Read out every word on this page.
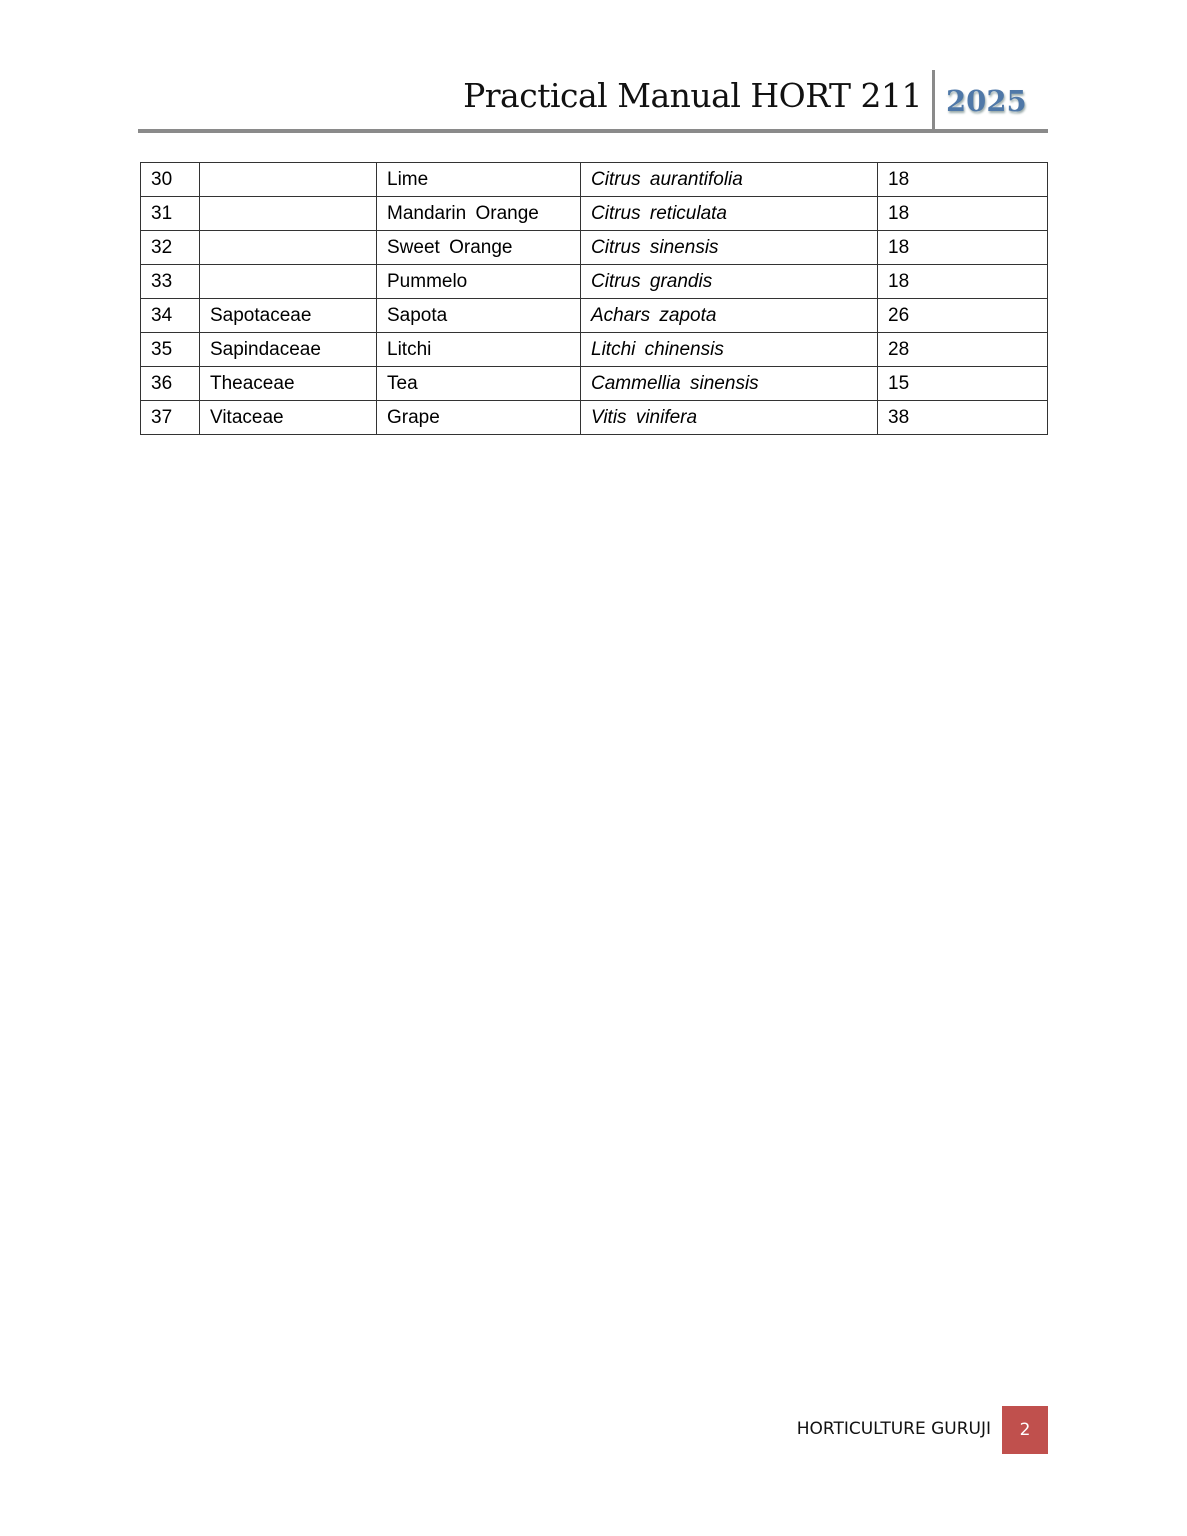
Practical Manual HORT 211 2025
30		Lime	Citrus aurantifolia	18
31		Mandarin Orange	Citrus reticulata	18
32		Sweet Orange	Citrus sinensis	18
33		Pummelo	Citrus grandis	18
34	Sapotaceae	Sapota	Achars zapota	26
35	Sapindaceae	Litchi	Litchi chinensis	28
36	Theaceae	Tea	Cammellia sinensis	15
37	Vitaceae	Grape	Vitis vinifera	38
HORTICULTURE GURUJI	2
